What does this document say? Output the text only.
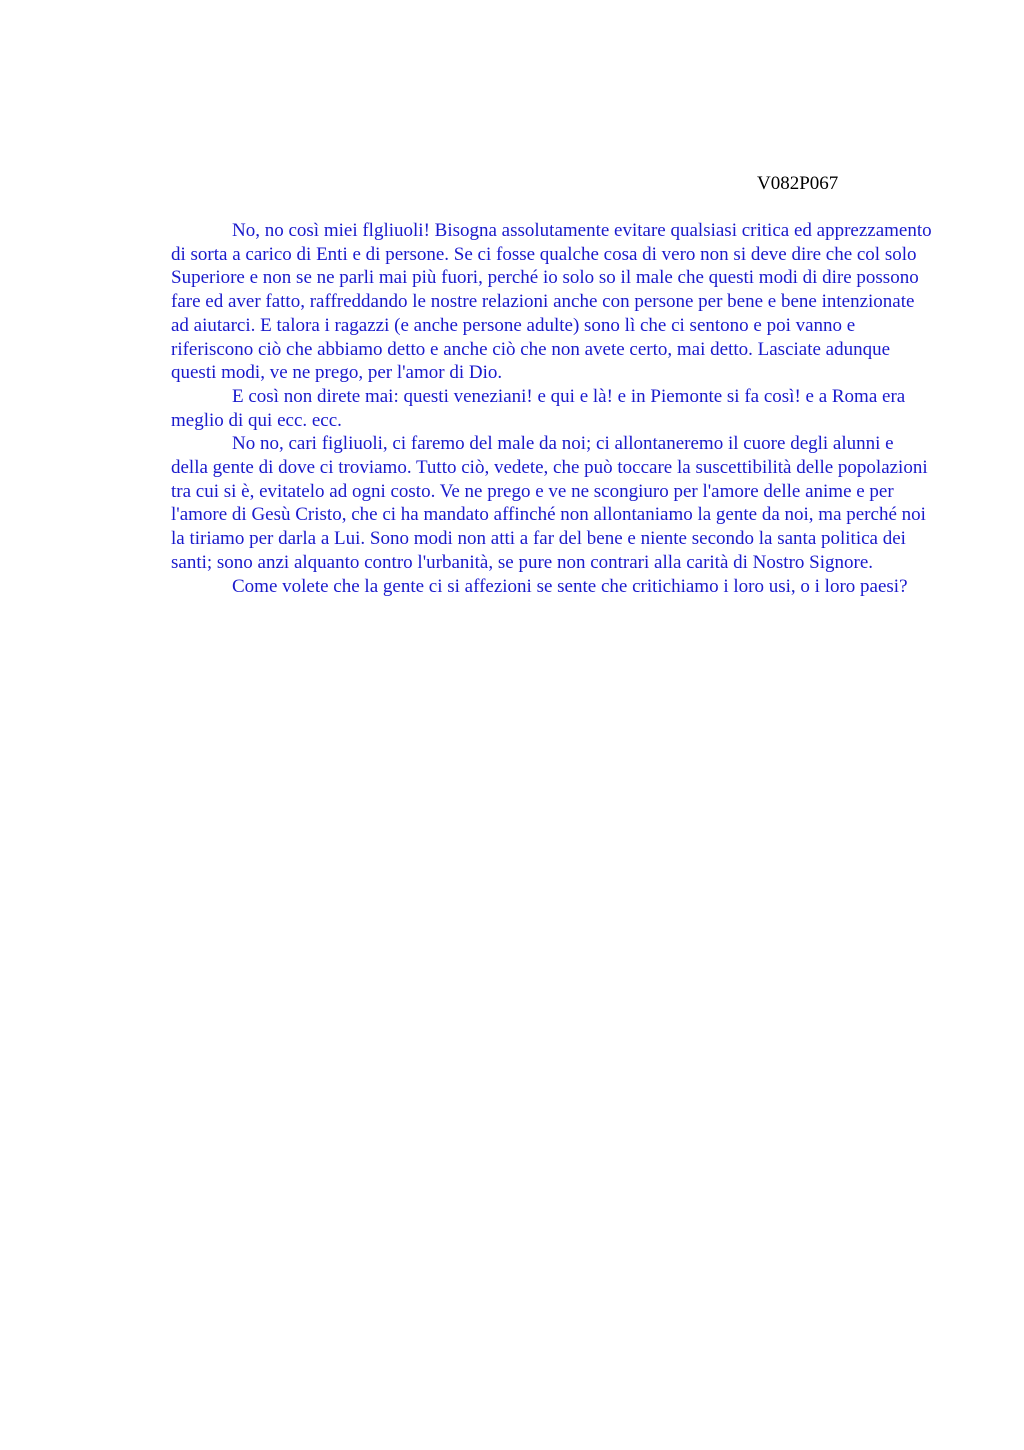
V082P067

No, no così miei flgliuoli! Bisogna assolutamente evitare qualsiasi critica ed apprezzamento di sorta a carico di Enti e di persone. Se ci fosse qualche cosa di vero non si deve dire che col solo Superiore e non se ne parli mai più fuori, perché io solo so il male che questi modi di dire possono fare ed aver fatto, raffreddando le nostre relazioni anche con persone per bene e bene intenzionate ad aiutarci. E talora i ragazzi (e anche persone adulte) sono lì che ci sentono e poi vanno e riferiscono ciò che abbiamo detto e anche ciò che non avete certo, mai detto. Lasciate adunque questi modi, ve ne prego, per l'amor di Dio.

E così non direte mai: questi veneziani! e qui e là! e in Piemonte si fa così! e a Roma era meglio di qui ecc. ecc.

No no, cari figliuoli, ci faremo del male da noi; ci allontaneremo il cuore degli alunni e della gente di dove ci troviamo. Tutto ciò, vedete, che può toccare la suscettibilità delle popolazioni tra cui si è, evitatelo ad ogni costo. Ve ne prego e ve ne scongiuro per l'amore delle anime e per l'amore di Gesù Cristo, che ci ha mandato affinché non allontaniamo la gente da noi, ma perché noi la tiriamo per darla a Lui. Sono modi non atti a far del bene e niente secondo la santa politica dei santi; sono anzi alquanto contro l'urbanità, se pure non contrari alla carità di Nostro Signore.

Come volete che la gente ci si affezioni se sente che critichiamo i loro usi, o i loro paesi?
